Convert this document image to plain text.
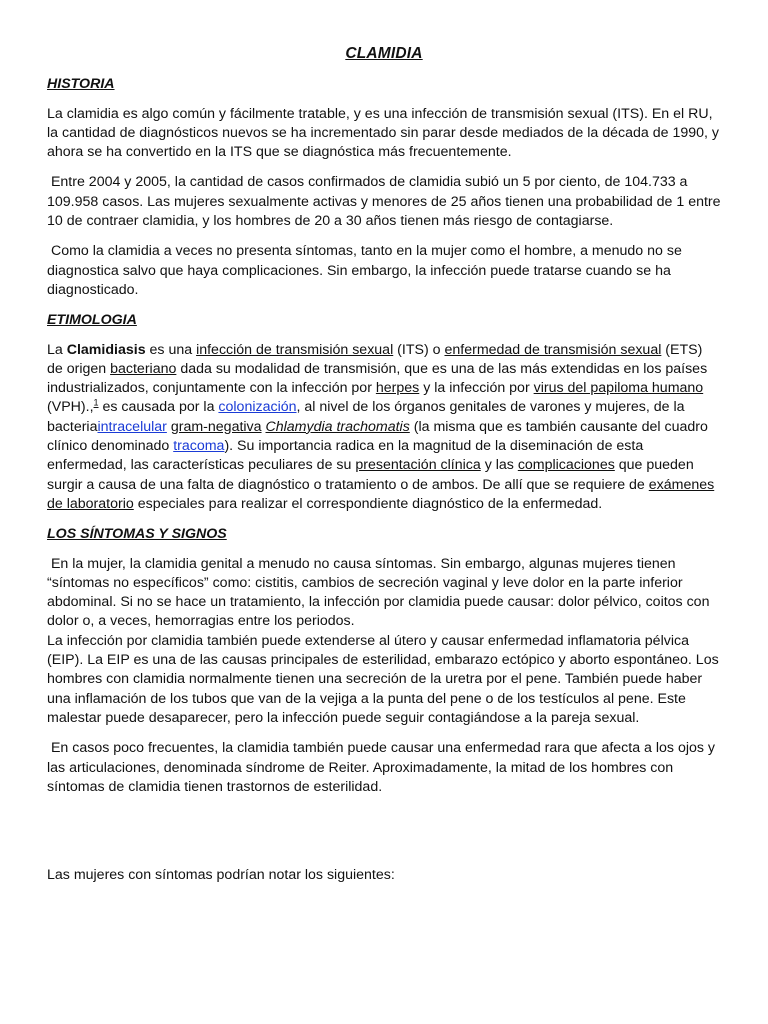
CLAMIDIA
HISTORIA

La clamidia es algo común y fácilmente tratable, y es una infección de transmisión sexual (ITS). En el RU, la cantidad de diagnósticos nuevos se ha incrementado sin parar desde mediados de la década de 1990, y ahora se ha convertido en la ITS que se diagnóstica más frecuentemente.

Entre 2004 y 2005, la cantidad de casos confirmados de clamidia subió un 5 por ciento, de 104.733 a 109.958 casos. Las mujeres sexualmente activas y menores de 25 años tienen una probabilidad de 1 entre 10 de contraer clamidia, y los hombres de 20 a 30 años tienen más riesgo de contagiarse.

Como la clamidia a veces no presenta síntomas, tanto en la mujer como el hombre, a menudo no se diagnostica salvo que haya complicaciones. Sin embargo, la infección puede tratarse cuando se ha diagnosticado.

ETIMOLOGIA

La Clamidiasis es una infección de transmisión sexual (ITS) o enfermedad de transmisión sexual (ETS) de origen bacteriano dada su modalidad de transmisión, que es una de las más extendidas en los países industrializados, conjuntamente con la infección por herpes y la infección por virus del papiloma humano (VPH).,$^1$ es causada por la colonización, al nivel de los órganos genitales de varones y mujeres, de la bacteriaintracelular gram-negativa Chlamydia trachomatis (la misma que es también causante del cuadro clínico denominado tracoma). Su importancia radica en la magnitud de la diseminación de esta enfermedad, las características peculiares de su presentación clínica y las complicaciones que pueden surgir a causa de una falta de diagnóstico o tratamiento o de ambos. De allí que se requiere de exámenes de laboratorio especiales para realizar el correspondiente diagnóstico de la enfermedad.

LOS SÍNTOMAS Y SIGNOS

En la mujer, la clamidia genital a menudo no causa síntomas. Sin embargo, algunas mujeres tienen “síntomas no específicos” como: cistitis, cambios de secreción vaginal y leve dolor en la parte inferior abdominal. Si no se hace un tratamiento, la infección por clamidia puede causar: dolor pélvico, coitos con dolor o, a veces, hemorragias entre los periodos.
La infección por clamidia también puede extenderse al útero y causar enfermedad inflamatoria pélvica (EIP). La EIP es una de las causas principales de esterilidad, embarazo ectópico y aborto espontáneo. Los hombres con clamidia normalmente tienen una secreción de la uretra por el pene. También puede haber una inflamación de los tubos que van de la vejiga a la punta del pene o de los testículos al pene. Este malestar puede desaparecer, pero la infección puede seguir contagiándose a la pareja sexual.

En casos poco frecuentes, la clamidia también puede causar una enfermedad rara que afecta a los ojos y las articulaciones, denominada síndrome de Reiter. Aproximadamente, la mitad de los hombres con síntomas de clamidia tienen trastornos de esterilidad.

Las mujeres con síntomas podrían notar los siguientes:
